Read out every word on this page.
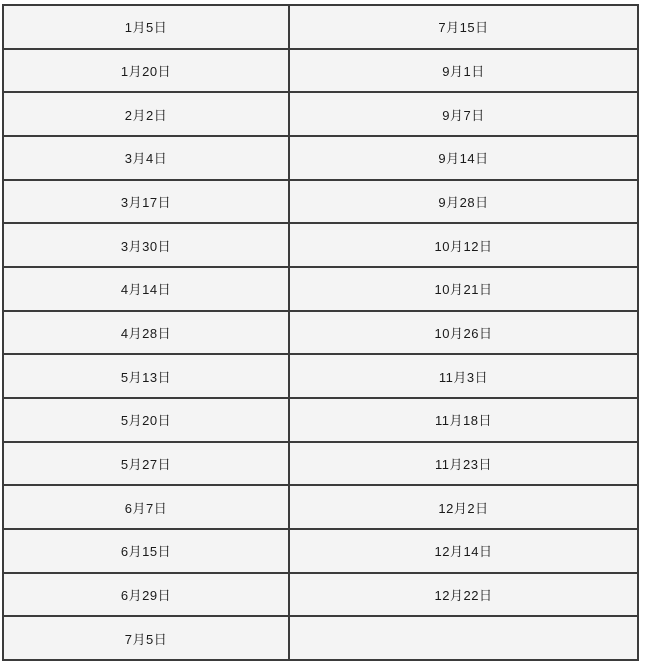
1月5日	7月15日
1月20日	9月1日
2月2日	9月7日
3月4日	9月14日
3月17日	9月28日
3月30日	10月12日
4月14日	10月21日
4月28日	10月26日
5月13日	11月3日
5月20日	11月18日
5月27日	11月23日
6月7日	12月2日
6月15日	12月14日
6月29日	12月22日
7月5日	
